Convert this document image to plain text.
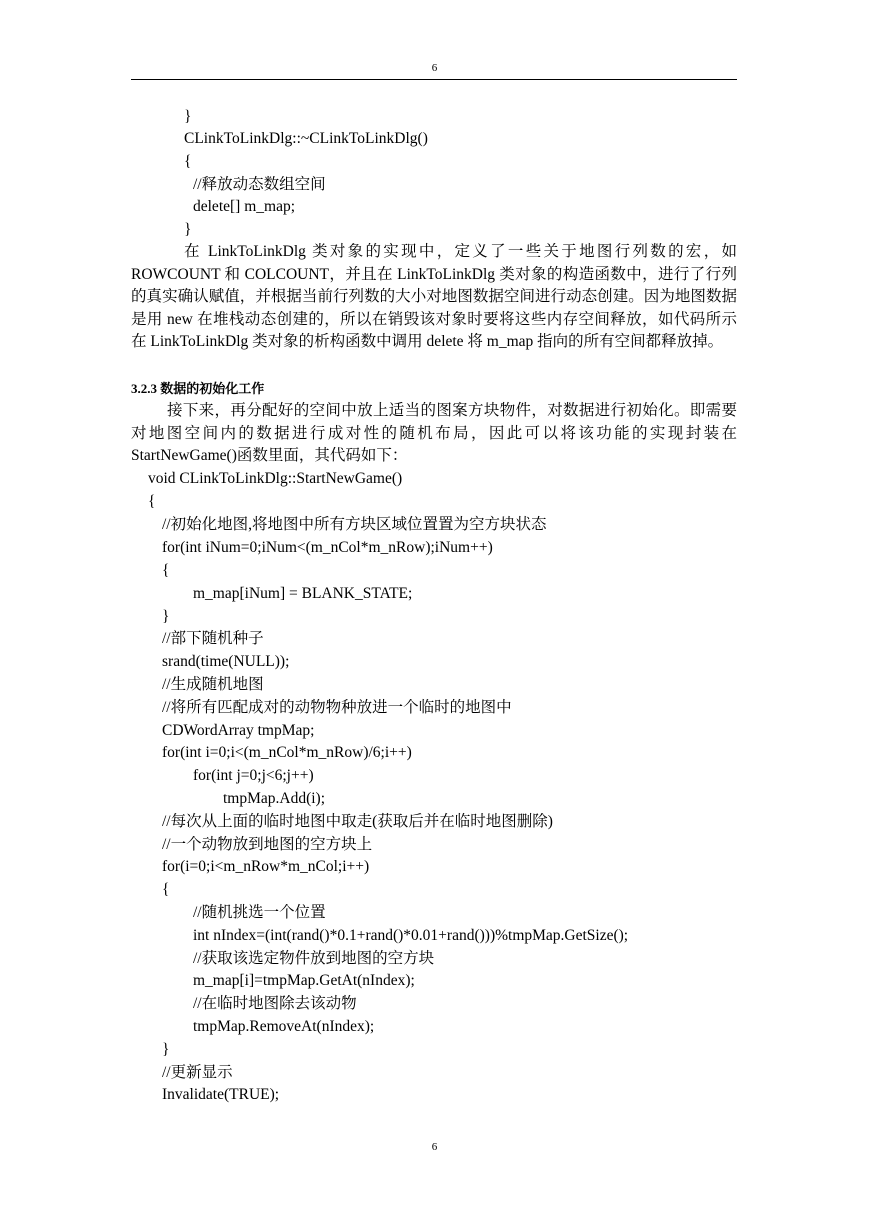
6
}
CLinkToLinkDlg::~CLinkToLinkDlg()
{
//释放动态数组空间
delete[] m_map;
}
在 LinkToLinkDlg 类对象的实现中，定义了一些关于地图行列数的宏，如 ROWCOUNT 和 COLCOUNT，并且在 LinkToLinkDlg 类对象的构造函数中，进行了行列的真实确认赋值，并根据当前行列数的大小对地图数据空间进行动态创建。因为地图数据是用 new 在堆栈动态创建的，所以在销毁该对象时要将这些内存空间释放，如代码所示在 LinkToLinkDlg 类对象的析构函数中调用 delete 将 m_map 指向的所有空间都释放掉。
3.2.3 数据的初始化工作
接下来，再分配好的空间中放上适当的图案方块物件，对数据进行初始化。即需要对地图空间内的数据进行成对性的随机布局，因此可以将该功能的实现封装在 StartNewGame()函数里面，其代码如下：
void CLinkToLinkDlg::StartNewGame()
{
//初始化地图,将地图中所有方块区域位置置为空方块状态
for(int iNum=0;iNum<(m_nCol*m_nRow);iNum++)
{
m_map[iNum] = BLANK_STATE;
}
//部下随机种子
srand(time(NULL));
//生成随机地图
//将所有匹配成对的动物物种放进一个临时的地图中
CDWordArray tmpMap;
for(int i=0;i<(m_nCol*m_nRow)/6;i++)
for(int j=0;j<6;j++)
tmpMap.Add(i);
//每次从上面的临时地图中取走(获取后并在临时地图删除)
//一个动物放到地图的空方块上
for(i=0;i<m_nRow*m_nCol;i++)
{
//随机挑选一个位置
int nIndex=(int(rand()*0.1+rand()*0.01+rand()))%tmpMap.GetSize();
//获取该选定物件放到地图的空方块
m_map[i]=tmpMap.GetAt(nIndex);
//在临时地图除去该动物
tmpMap.RemoveAt(nIndex);
}
//更新显示
Invalidate(TRUE);
6
